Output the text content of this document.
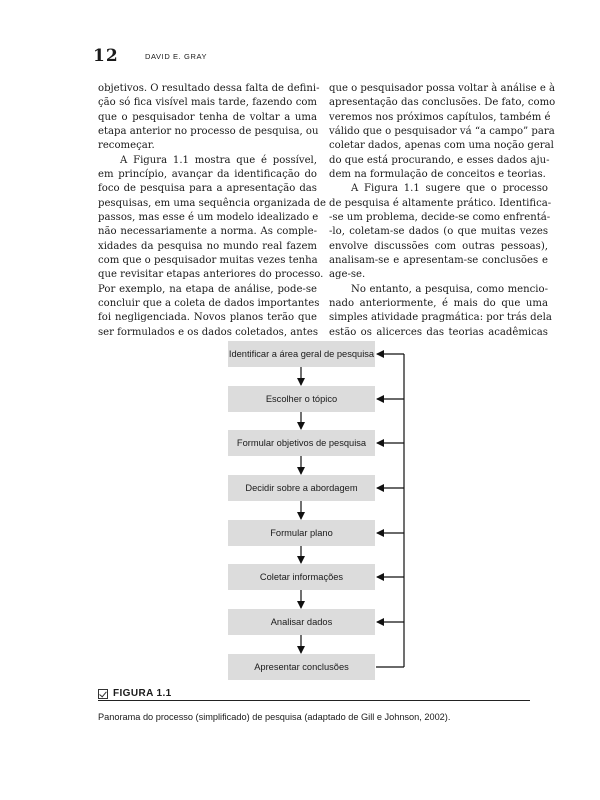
12	DAVID E. GRAY
objetivos. O resultado dessa falta de defini-
ção só fica visível mais tarde, fazendo com
que o pesquisador tenha de voltar a uma
etapa anterior no processo de pesquisa, ou
recomeçar.
A Figura 1.1 mostra que é possível,
em princípio, avançar da identificação do
foco de pesquisa para a apresentação das
pesquisas, em uma sequência organizada de
passos, mas esse é um modelo idealizado e
não necessariamente a norma. As comple-
xidades da pesquisa no mundo real fazem
com que o pesquisador muitas vezes tenha
que revisitar etapas anteriores do processo.
Por exemplo, na etapa de análise, pode-se
concluir que a coleta de dados importantes
foi negligenciada. Novos planos terão que
ser formulados e os dados coletados, antes
que o pesquisador possa voltar à análise e à
apresentação das conclusões. De fato, como
veremos nos próximos capítulos, também é
válido que o pesquisador vá “a campo” para
coletar dados, apenas com uma noção geral
do que está procurando, e esses dados aju-
dem na formulação de conceitos e teorias.
A Figura 1.1 sugere que o processo
de pesquisa é altamente prático. Identifica-
-se um problema, decide-se como enfrentá-
-lo, coletam-se dados (o que muitas vezes
envolve discussões com outras pessoas),
analisam-se e apresentam-se conclusões e
age-se.
No entanto, a pesquisa, como mencio-
nado anteriormente, é mais do que uma
simples atividade pragmática: por trás dela
estão os alicerces das teorias acadêmicas
Identificar a área geral de pesquisa
Escolher o tópico
Formular objetivos de pesquisa
Decidir sobre a abordagem
Formular plano
Coletar informações
Analisar dados
Apresentar conclusões
FIGURA 1.1
Panorama do processo (simplificado) de pesquisa (adaptado de Gill e Johnson, 2002).
